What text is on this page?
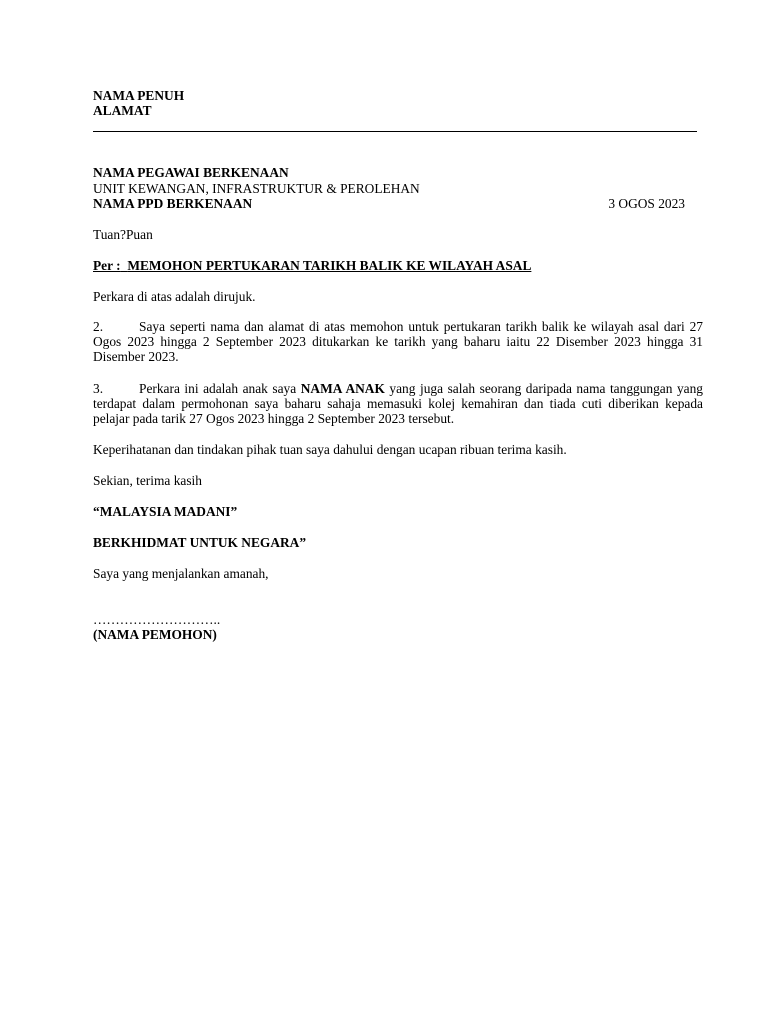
NAMA PENUH
ALAMAT
NAMA PEGAWAI BERKENAAN
UNIT KEWANGAN, INFRASTRUKTUR & PEROLEHAN
NAMA PPD BERKENAAN	3 OGOS 2023
Tuan?Puan
Per : MEMOHON PERTUKARAN TARIKH BALIK KE WILAYAH ASAL
Perkara di atas adalah dirujuk.
2.	Saya seperti nama dan alamat di atas memohon untuk pertukaran tarikh balik ke wilayah asal dari 27 Ogos 2023 hingga 2 September 2023 ditukarkan ke tarikh yang baharu iaitu 22 Disember 2023 hingga 31 Disember 2023.
3.	Perkara ini adalah anak saya NAMA ANAK yang juga salah seorang daripada nama tanggungan yang terdapat dalam permohonan saya baharu sahaja memasuki kolej kemahiran dan tiada cuti diberikan kepada pelajar pada tarik 27 Ogos 2023 hingga 2 September 2023 tersebut.
Keperihatanan dan tindakan pihak tuan saya dahului dengan ucapan ribuan terima kasih.
Sekian, terima kasih
“MALAYSIA MADANI”
BERKHIDMAT UNTUK NEGARA”
Saya yang menjalankan amanah,
………………………..
(NAMA PEMOHON)
